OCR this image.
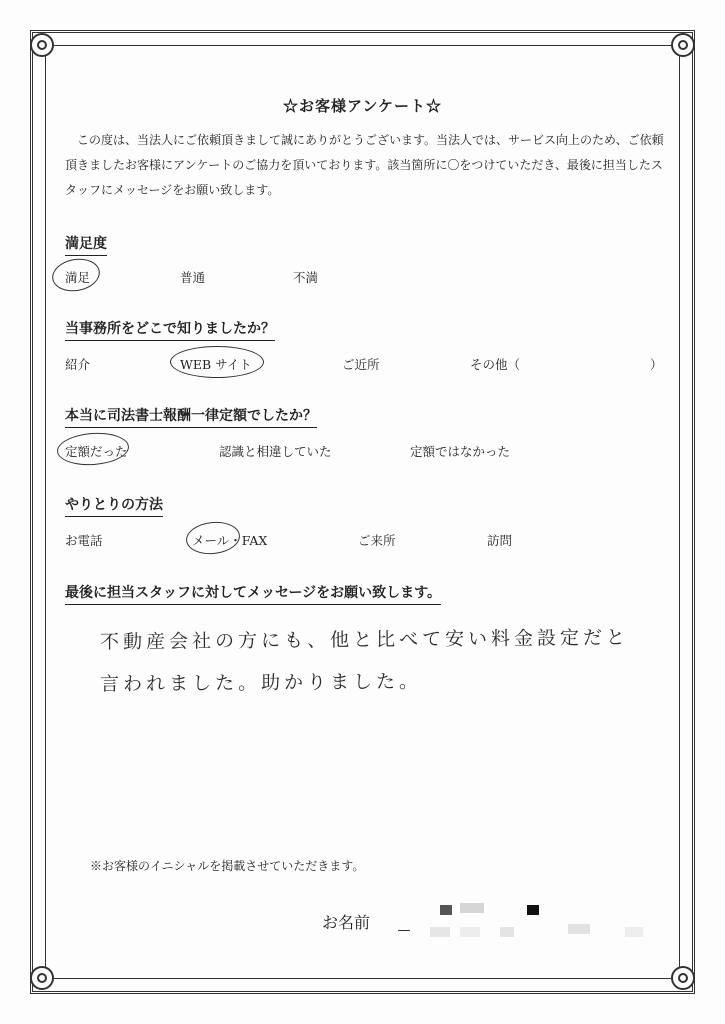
☆お客様アンケート☆

　この度は、当法人にご依頼頂きまして誠にありがとうございます。当法人では、サービス向上のため、ご依頼頂きましたお客様にアンケートのご協力を頂いております。該当箇所に〇をつけていただき、最後に担当したスタッフにメッセージをお願い致します。

満足度
満足	普通	不満
当事務所をどこで知りましたか？
紹介	WEB サイト	ご近所	その他（	）
本当に司法書士報酬一律定額でしたか？
定額だった	認識と相違していた	定額ではなかった
やりとりの方法
お電話	メール・FAX	ご来所	訪問
最後に担当スタッフに対してメッセージをお願い致します。
不動産会社の方にも、他と比べて安い料金設定だと
言われました。助かりました。
※お客様のイニシャルを掲載させていただきます。
お名前
